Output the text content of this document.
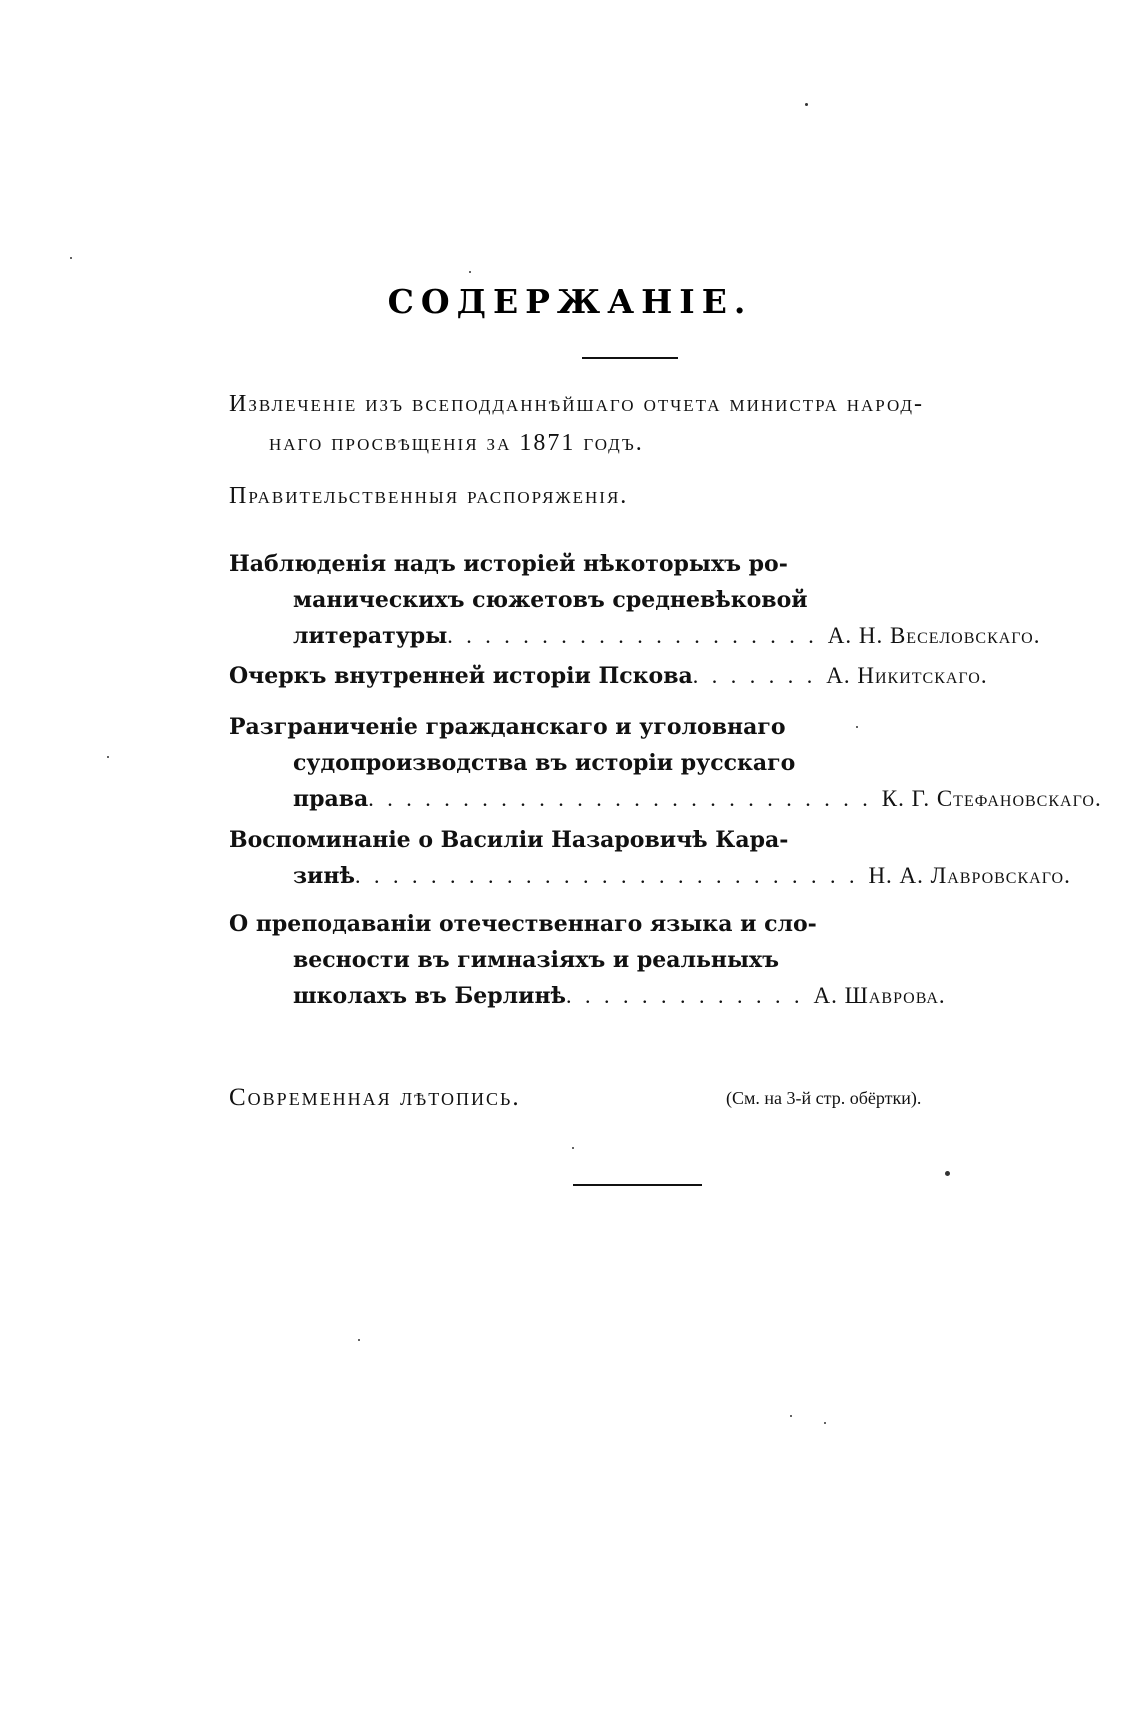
СОДЕРЖАНІЕ.
Извлеченіе изъ всеподданнѣйшаго отчета министра народ-
наго просвѣщенія за 1871 годъ.
Правительственныя распоряженія.
Наблюденія надъ исторіей нѣкоторыхъ ро-
маническихъ сюжетовъ средневѣковой
литературы . . . . . . . . . . . . . . . . . . . . А. Н. Веселовскаго.
Очеркъ внутренней исторіи Пскова . . . . . . . А. Никитскаго.
Разграниченіе гражданскаго и уголовнаго
судопроизводства въ исторіи русскаго
права . . . . . . . . . . . . . . . . . . . . . . . . . . . К. Г. Стефановскаго.
Воспоминаніе о Василіи Назаровичѣ Кара-
зинѣ . . . . . . . . . . . . . . . . . . . . . . . . . . . Н. А. Лавровскаго.
О преподаваніи отечественнаго языка и сло-
весности въ гимназіяхъ и реальныхъ
школахъ въ Берлинѣ . . . . . . . . . . . . . А. Шаврова.
Современная лѣтопись.	(См. на 3-й стр. обёртки).
